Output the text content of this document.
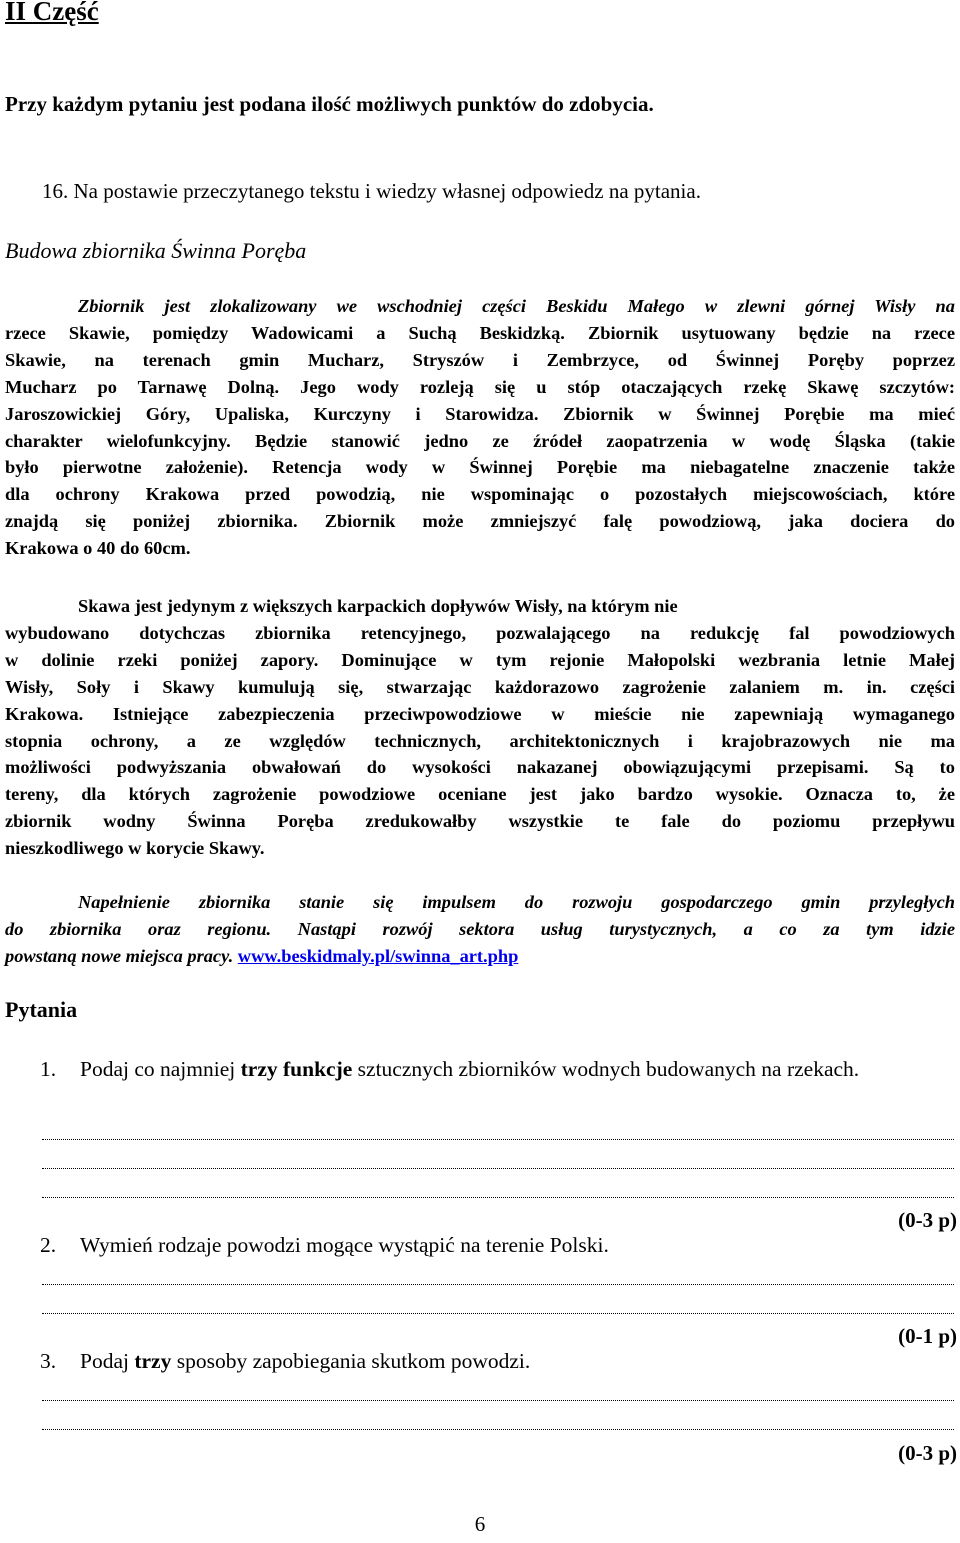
II Część
Przy każdym pytaniu jest podana ilość możliwych punktów do zdobycia.
16. Na postawie przeczytanego tekstu i wiedzy własnej odpowiedz na pytania.
Budowa zbiornika Świnna Poręba
Zbiornik jest zlokalizowany we wschodniej części Beskidu Małego w zlewni górnej Wisły na
rzece Skawie, pomiędzy Wadowicami a Suchą Beskidzką. Zbiornik usytuowany będzie na rzece
Skawie, na terenach gmin Mucharz, Stryszów i Zembrzyce, od Świnnej Poręby poprzez
Mucharz po Tarnawę Dolną. Jego wody rozleją się u stóp otaczających rzekę Skawę szczytów:
Jaroszowickiej Góry, Upaliska, Kurczyny i Starowidza. Zbiornik w Świnnej Porębie ma mieć
charakter wielofunkcyjny. Będzie stanowić jedno ze źródeł zaopatrzenia w wodę Śląska (takie
było pierwotne założenie). Retencja wody w Świnnej Porębie ma niebagatelne znaczenie także
dla ochrony Krakowa przed powodzią, nie wspominając o pozostałych miejscowościach, które
znajdą się poniżej zbiornika. Zbiornik może zmniejszyć falę powodziową, jaka dociera do
Krakowa o 40 do 60cm.
Skawa jest jedynym z większych karpackich dopływów Wisły, na którym nie
wybudowano dotychczas zbiornika retencyjnego, pozwalającego na redukcję fal powodziowych
w dolinie rzeki poniżej zapory. Dominujące w tym rejonie Małopolski wezbrania letnie Małej
Wisły, Soły i Skawy kumulują się, stwarzając każdorazowo zagrożenie zalaniem m. in. części
Krakowa. Istniejące zabezpieczenia przeciwpowodziowe w mieście nie zapewniają wymaganego
stopnia ochrony, a ze względów technicznych, architektonicznych i krajobrazowych nie ma
możliwości podwyższania obwałowań do wysokości nakazanej obowiązującymi przepisami. Są to
tereny, dla których zagrożenie powodziowe oceniane jest jako bardzo wysokie. Oznacza to, że
zbiornik wodny Świnna Poręba zredukowałby wszystkie te fale do poziomu przepływu
nieszkodliwego w korycie Skawy.
Napełnienie zbiornika stanie się impulsem do rozwoju gospodarczego gmin przyległych
do zbiornika oraz regionu. Nastąpi rozwój sektora usług turystycznych, a co za tym idzie
powstaną nowe miejsca pracy. www.beskidmaly.pl/swinna_art.php
Pytania
1. Podaj co najmniej trzy funkcje sztucznych zbiorników wodnych budowanych na rzekach.
(0-3 p)
2. Wymień rodzaje powodzi mogące wystąpić na terenie Polski.
(0-1 p)
3. Podaj trzy sposoby zapobiegania skutkom powodzi.
(0-3 p)
6
